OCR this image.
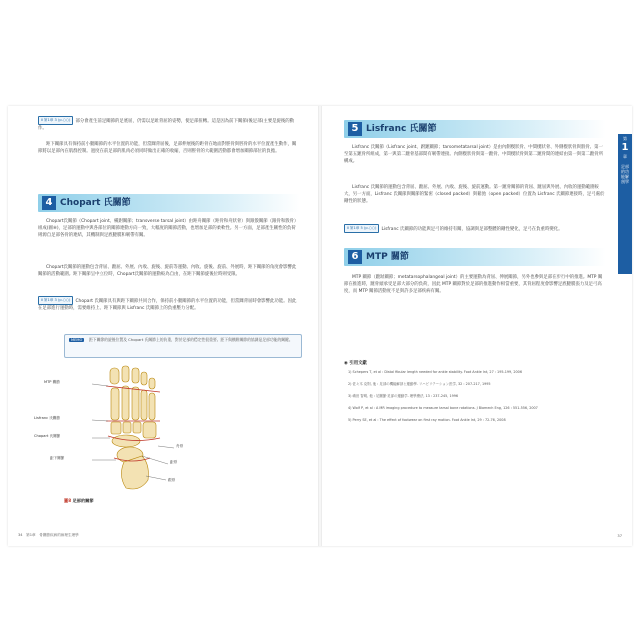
Ⅱ 第1章 3 (p.○○) 部分會產生前足關節的足底屈，仍需以足趾背屈的姿勢，使足部扭轉。這是因為前下關節(後足部)主要是旋後的動作。
距下關節具有保持前小腿關節的水平位置的功能，但當踝背屈後，足部伸展後的距骨在地面對脛骨與脛骨的水平位置產生動作，關節將以足部內在肌群控制。過度在前足部的肌肉必須同時做出正確的收縮，否則脛骨的大範圍活動都會增加關節部位的負擔。
4 Chopart 氏關節
Chopart氏關節（Chopart joint、橫跗關節；transverse tarsal joint）由距舟關節（距骨和舟狀骨）與跟骰關節（跟骨和骰骨）組成(圖⑧)，足部的運動中與各部位的關節連動方向一致，大幅度的關節活動，也增加足部的柔軟性。另一方面，足部產生剛性的負荷則源自足部各骨的連結，其機制與足底腱膜和韌帶有關。
Chopart氏關節的運動包含背屈、蹠屈、外展、內收、旋後、旋前等運動。內收、旋後、旋前、外展時，距下關節的角度會影響此關節的活動範圍。距下關節呈中立位時，Chopart氏關節的運動較為自由，在距下關節旋後位時則受限。
Ⅱ 第1章 3 (p.○○) Chopart 氏關節具有與距下關節共同合作，保持前小腿關節的水平位置的功能，但當踝背屈時會影響此功能。因此在足部進行運動時，需要維持上、距下關節與 Lisfranc 氏關節上的負重壓力分配。
MEMO	距下關節的旋後位置及 Chopart 氏關節上的負重，對於足部的穩定性很重要。距下與橫跗關節的協調是足部功能的關鍵。
MTP 關節
Lisfranc 氏關節
Chopart 氏關節
距下關節
舟骨
距骨
跟骨
圖8 足部的關節
34　第1章　骨關節疾病的病理生理學
5 Lisfranc 氏關節
Lisfranc 氏關節（Lisfranc joint、跗蹠關節；tarsometatarsal joint）是由內側楔狀骨、中間楔狀骨、外側楔狀骨與骰骨、第一至第五蹠骨所組成，第一與第二蹠骨基部間有韌帶連接。內側楔狀骨與第一蹠骨、中間楔狀骨與第二蹠骨間的連結由第一與第二蹠骨所構成。
Lisfranc 氏關節的運動包含背屈、蹠屈、外展、內收、旋後、旋前運動。第一蹠骨關節的背屈、蹠屈與外展、內收的運動範圍較大，另一方面，Lisfranc 氏關節與關節的緊密（closed packed）與鬆弛（open packed）位置為 Lisfranc 氏關節連接時，足弓處於剛性的狀態。
Ⅱ 第1章 5 (p.○○) Lisfranc 氏關節的功能與足弓的維持有關，協調與足部整體的剛性變化，足弓在負重時變化。
6 MTP 關節
MTP 關節（蹠趾關節；metatarsophalangeal joint）的主要運動為背屈、伸展關節，另外也參與足部在步行中的推進。MTP 關節在推進時，蹠骨頭承受足部大部分的負荷，因此 MTP 關節對於足部的推進動作相當重要，其背屈程度會影響足底腱膜張力及足弓高度，而 MTP 關節活動度不足與許多足部疾病有關。
◉ 引用文獻
1) Schepers T, et al : Distal fibular length needed for ankle stability. Foot Ankle Int, 27 : 195-199, 2006
2) 佐々木 克則, 他 : 足部の機能解剖と運動學. リハビリテーション医学, 32 : 207-217, 1995
3) 嶋田 智明, 他 : 足關節·足部の運動学. 理學療法, 13 : 237-245, 1996
4) Wolf P, et al : A MR imaging procedure to measure tarsal bone rotations. J Biomech Eng, 126 : 551-556, 2007
5) Perry SE, et al : The effect of footwear on first ray motion. Foot Ankle Int, 29 : 72-76, 2008
第
1
章
足部的功能解剖學
37
